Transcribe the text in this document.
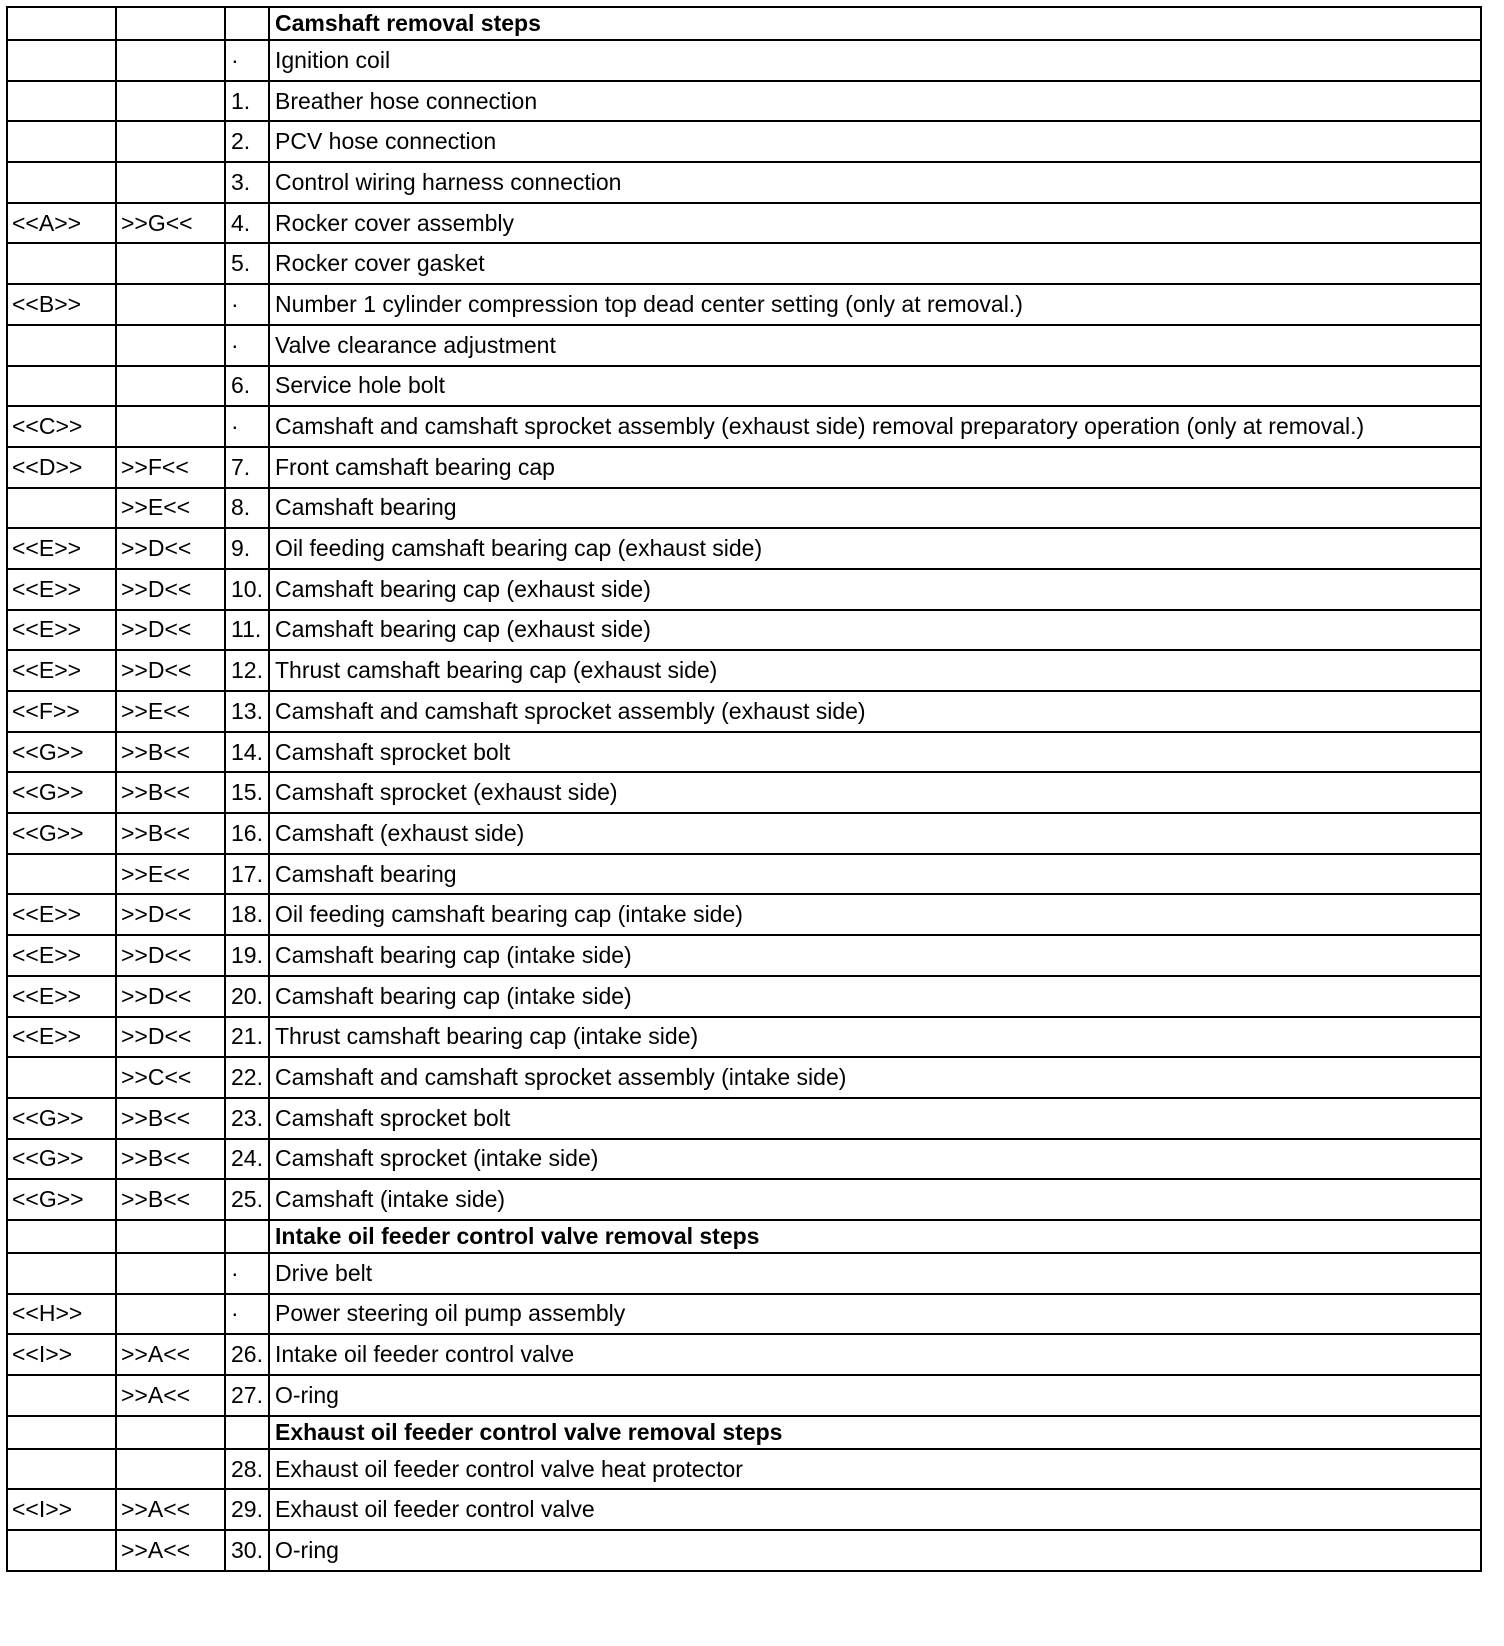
			Camshaft removal steps
		·	Ignition coil
		1.	Breather hose connection
		2.	PCV hose connection
		3.	Control wiring harness connection
<<A>>	>>G<<	4.	Rocker cover assembly
		5.	Rocker cover gasket
<<B>>		·	Number 1 cylinder compression top dead center setting (only at removal.)
		·	Valve clearance adjustment
		6.	Service hole bolt
<<C>>		·	Camshaft and camshaft sprocket assembly (exhaust side) removal preparatory operation (only at removal.)
<<D>>	>>F<<	7.	Front camshaft bearing cap
	>>E<<	8.	Camshaft bearing
<<E>>	>>D<<	9.	Oil feeding camshaft bearing cap (exhaust side)
<<E>>	>>D<<	10.	Camshaft bearing cap (exhaust side)
<<E>>	>>D<<	11.	Camshaft bearing cap (exhaust side)
<<E>>	>>D<<	12.	Thrust camshaft bearing cap (exhaust side)
<<F>>	>>E<<	13.	Camshaft and camshaft sprocket assembly (exhaust side)
<<G>>	>>B<<	14.	Camshaft sprocket bolt
<<G>>	>>B<<	15.	Camshaft sprocket (exhaust side)
<<G>>	>>B<<	16.	Camshaft (exhaust side)
	>>E<<	17.	Camshaft bearing
<<E>>	>>D<<	18.	Oil feeding camshaft bearing cap (intake side)
<<E>>	>>D<<	19.	Camshaft bearing cap (intake side)
<<E>>	>>D<<	20.	Camshaft bearing cap (intake side)
<<E>>	>>D<<	21.	Thrust camshaft bearing cap (intake side)
	>>C<<	22.	Camshaft and camshaft sprocket assembly (intake side)
<<G>>	>>B<<	23.	Camshaft sprocket bolt
<<G>>	>>B<<	24.	Camshaft sprocket (intake side)
<<G>>	>>B<<	25.	Camshaft (intake side)
			Intake oil feeder control valve removal steps
		·	Drive belt
<<H>>		·	Power steering oil pump assembly
<<I>>	>>A<<	26.	Intake oil feeder control valve
	>>A<<	27.	O-ring
			Exhaust oil feeder control valve removal steps
		28.	Exhaust oil feeder control valve heat protector
<<I>>	>>A<<	29.	Exhaust oil feeder control valve
	>>A<<	30.	O-ring
